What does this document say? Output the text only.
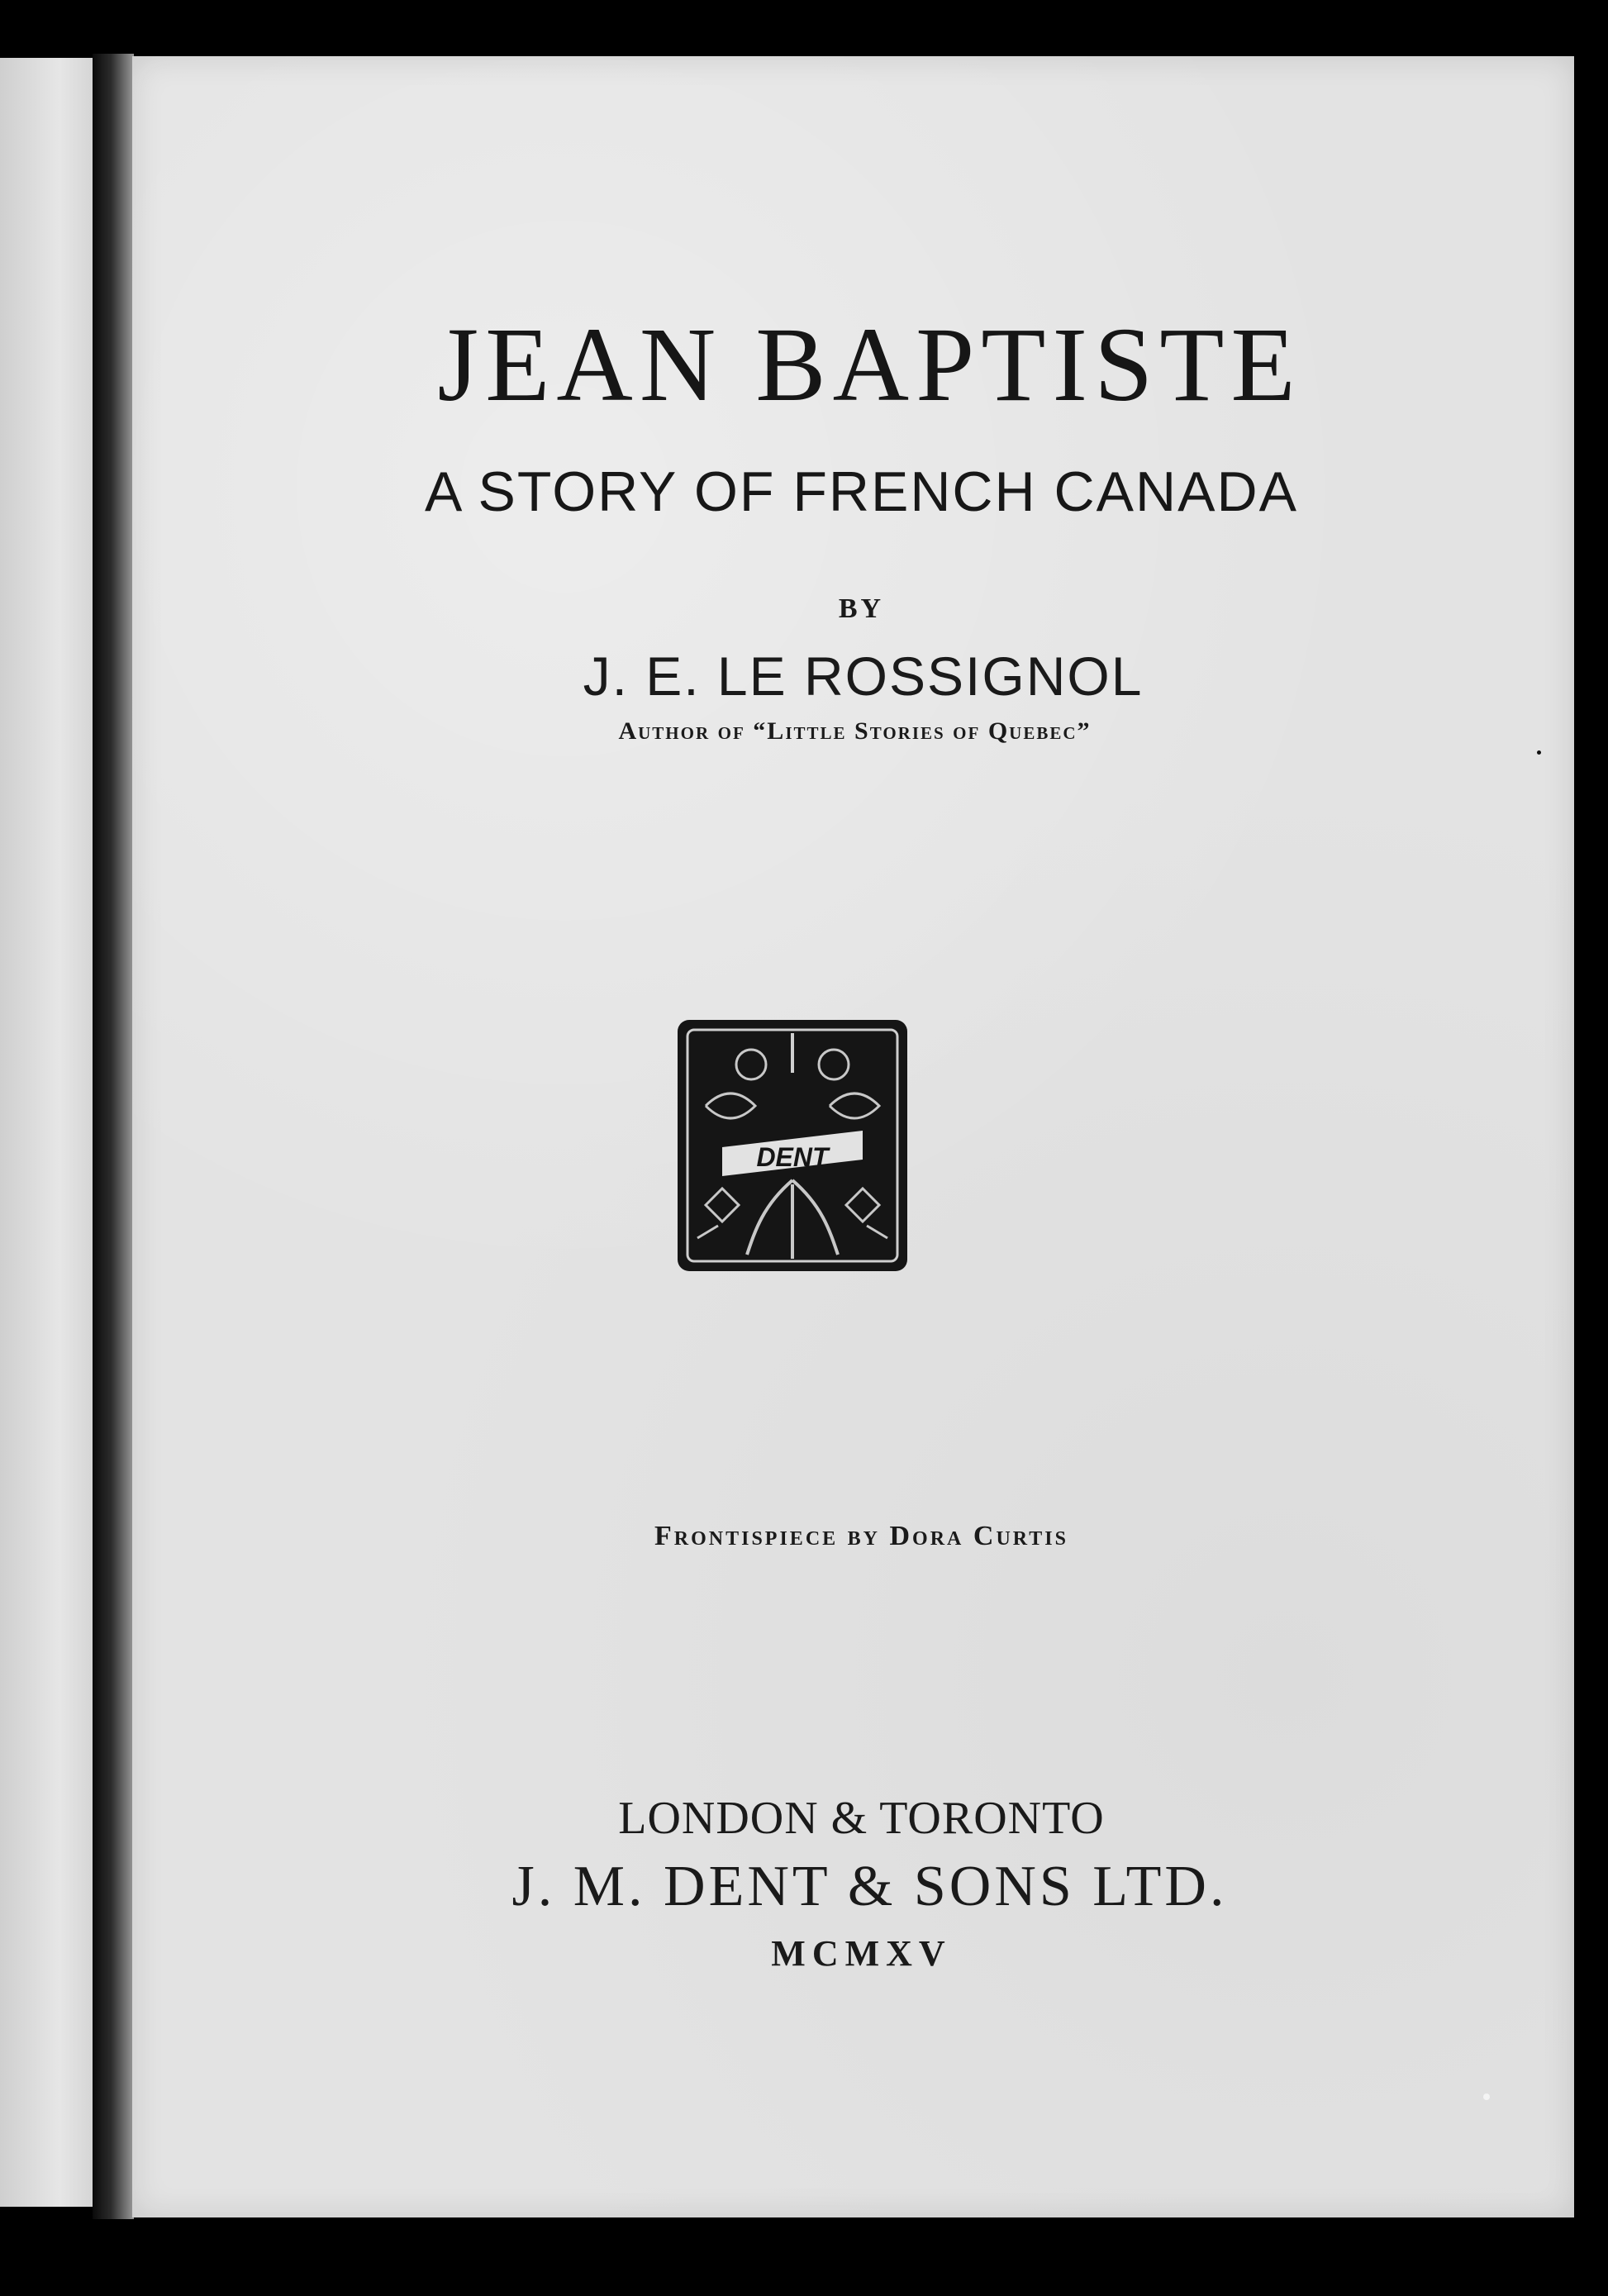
JEAN BAPTISTE
A STORY OF FRENCH CANADA
BY
J. E. LE ROSSIGNOL
Author of “Little Stories of Quebec”
DENT
Frontispiece by Dora Curtis
LONDON & TORONTO
J. M. DENT & SONS LTD.
MCMXV
